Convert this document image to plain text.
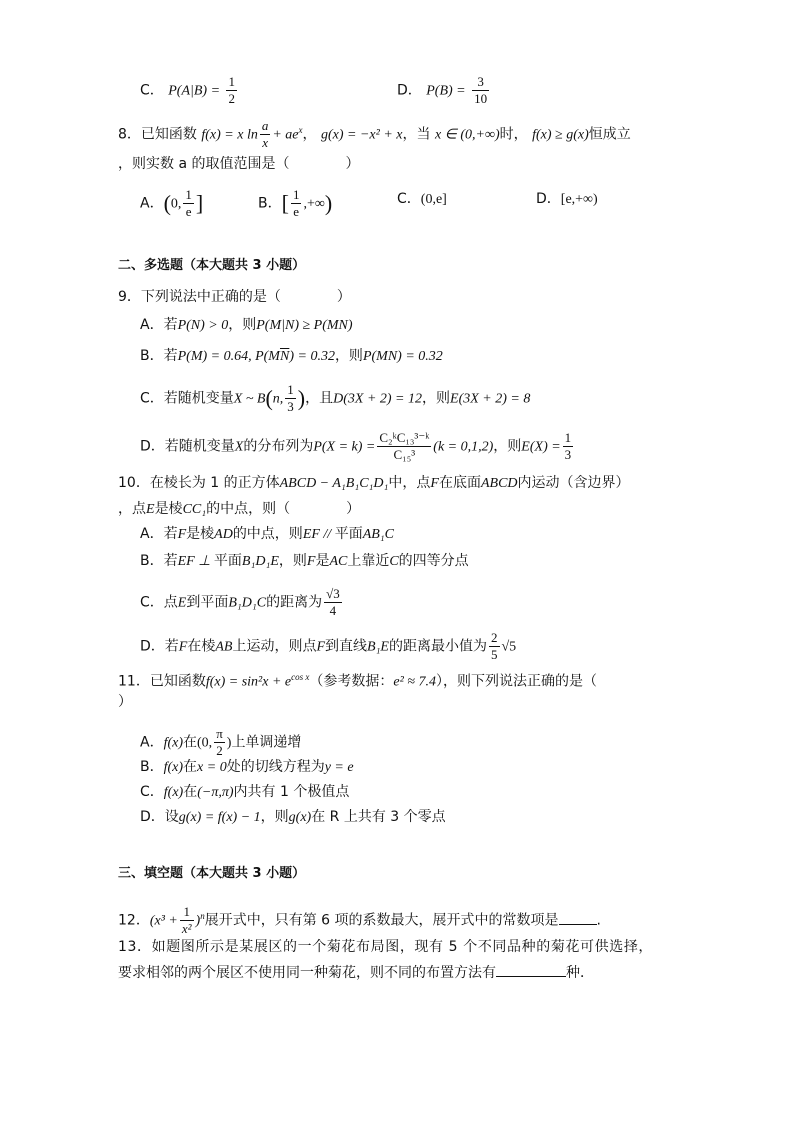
C． $P(A|B) = \frac{1}{2}$	D． $P(B) = \frac{3}{10}$
8．已知函数 f(x) = x $\ln \frac{a}{x} + ae^x$， g(x) = −x² + x，当 x ∈ (0,+∞)时， f(x) ≥ g(x)恒成立
，则实数 a 的取值范围是（　　　　）
A．(0, $\frac{1}{e}$ ]	B．[ $\frac{1}{e}$ ,+∞)	C．(0,e]	D．[e,+∞)
二、多选题（本大题共 3 小题）
9．下列说法中正确的是（　　　　）
A．若P(N) > 0，则P(M|N) ≥ P(MN)
B．若P(M) = 0.64, $P(M\overline{N}) = 0.32$，则P(MN) = 0.32
C．若随机变量X ~ B(n, $\frac{1}{3}$ )，且D(3X + 2) = 12，则E(3X + 2) = 8
D．若随机变量X的分布列为$P(X = k) = \frac{\text{C₂ᵏC₁₃³⁻ᵏ}}{\text{C₁₅³}} (k = 0,1,2)$，则$E(X) = \frac{1}{3}$
10．在棱长为 1 的正方体ABCD − A₁B₁C₁D₁中，点F在底面ABCD内运动（含边界）
，点E是棱CC₁的中点，则（　　　　）
A．若F是棱AD的中点，则EF // 平面AB₁C
B．若EF ⊥ 平面B₁D₁E，则F是AC上靠近C的四等分点
C．点E到平面B₁D₁C的距离为 $\frac{√3}{4}$
D．若F在棱AB上运动，则点F到直线B₁E的距离最小值为 $\frac{2}{5} √5$
11．已知函数$f(x) = \sin^2x + e^{cos x}$（参考数据：e² ≈ 7.4），则下列说法正确的是（
）
A．f(x)在(0, $\frac{\pi}{2}$ )上单调递增
B．f(x)在x = 0处的切线方程为y = e
C．f(x)在(−π,π)内共有 1 个极值点
D．设g(x) = f(x) − 1，则g(x)在 R 上共有 3 个零点
三、填空题（本大题共 3 小题）
12．$(x^3 + \frac{1}{\text{x²}} )^n$展开式中，只有第 6 项的系数最大，展开式中的常数项是	.
13．如题图所示是某展区的一个菊花布局图，现有 5 个不同品种的菊花可供选择，
要求相邻的两个展区不使用同一种菊花，则不同的布置方法有	种．
